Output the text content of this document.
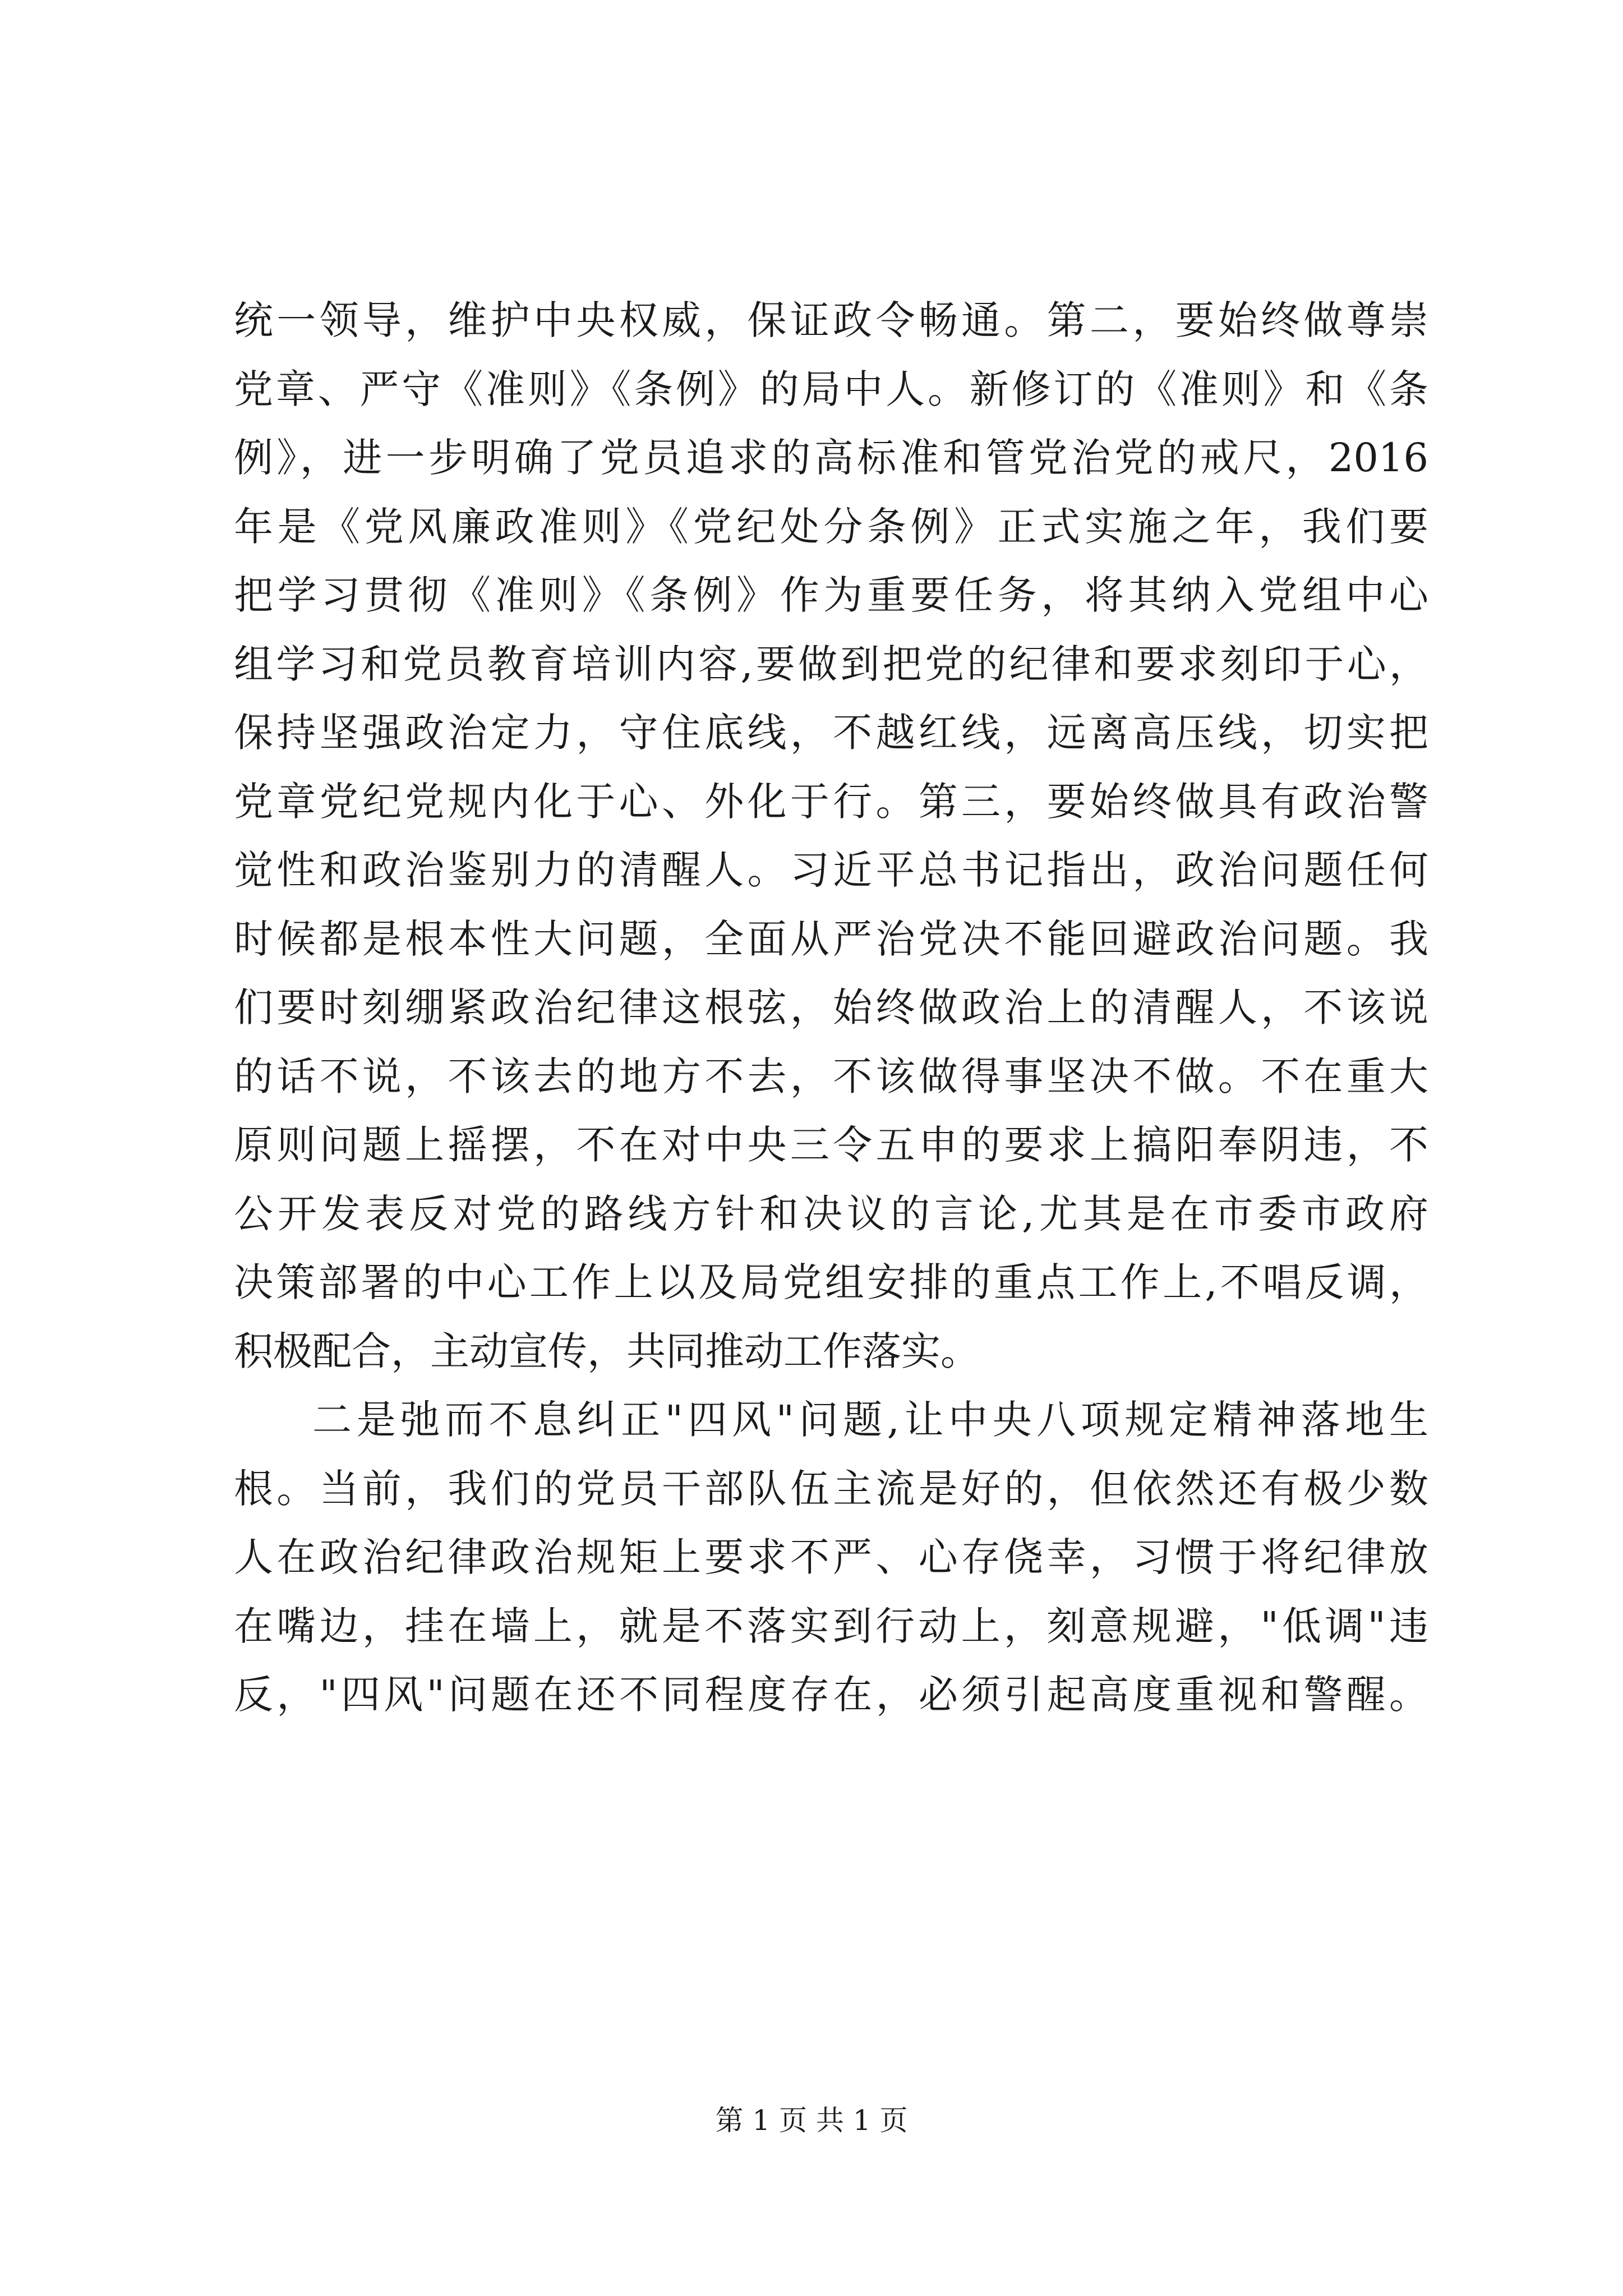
统一领导，维护中央权威，保证政令畅通。第二，要始终做尊崇
党章、严守《准则》《条例》的局中人。新修订的《准则》和《条
例》，进一步明确了党员追求的高标准和管党治党的戒尺，2016
年是《党风廉政准则》《党纪处分条例》正式实施之年，我们要
把学习贯彻《准则》《条例》作为重要任务，将其纳入党组中心
组学习和党员教育培训内容,要做到把党的纪律和要求刻印于心，
保持坚强政治定力，守住底线，不越红线，远离高压线，切实把
党章党纪党规内化于心、外化于行。第三，要始终做具有政治警
觉性和政治鉴别力的清醒人。习近平总书记指出，政治问题任何
时候都是根本性大问题，全面从严治党决不能回避政治问题。我
们要时刻绷紧政治纪律这根弦，始终做政治上的清醒人，不该说
的话不说，不该去的地方不去，不该做得事坚决不做。不在重大
原则问题上摇摆，不在对中央三令五申的要求上搞阳奉阴违，不
公开发表反对党的路线方针和决议的言论,尤其是在市委市政府
决策部署的中心工作上以及局党组安排的重点工作上,不唱反调，
积极配合，主动宣传，共同推动工作落实。
二是弛而不息纠正"四风"问题,让中央八项规定精神落地生
根。当前，我们的党员干部队伍主流是好的，但依然还有极少数
人在政治纪律政治规矩上要求不严、心存侥幸，习惯于将纪律放
在嘴边，挂在墙上，就是不落实到行动上，刻意规避，"低调"违
反，"四风"问题在还不同程度存在，必须引起高度重视和警醒。
第 1 页 共 1 页
